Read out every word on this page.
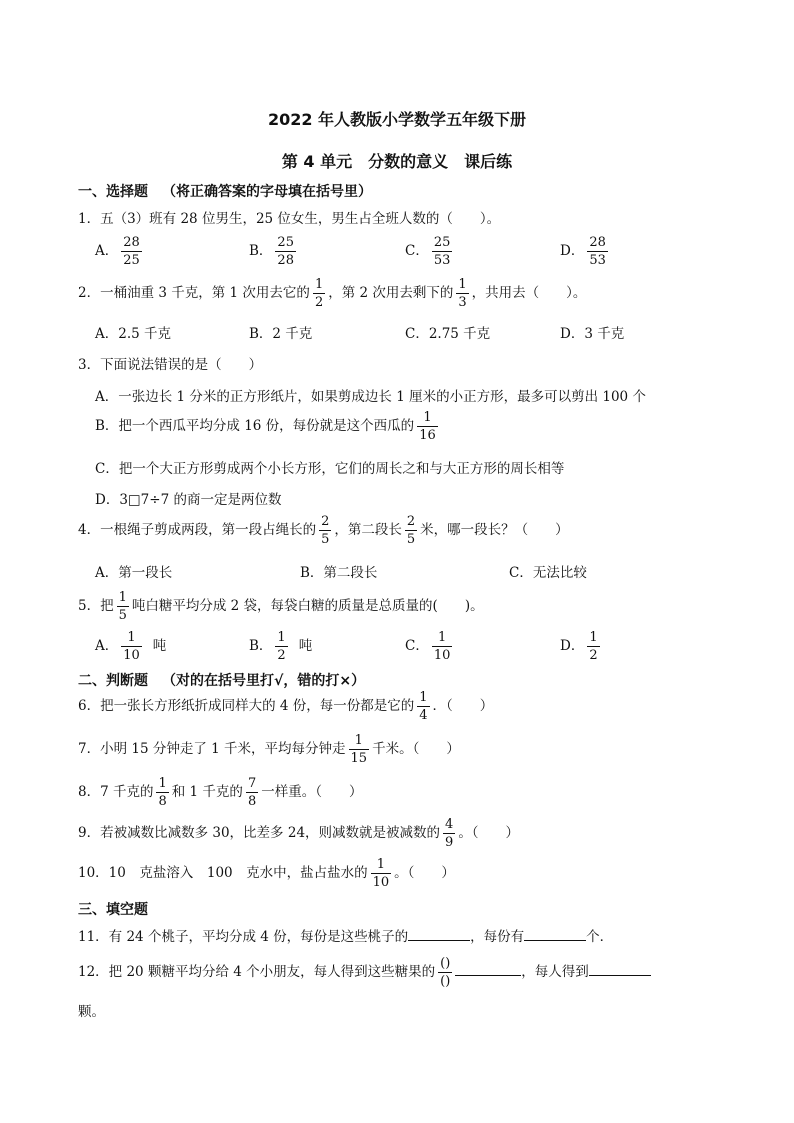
2022 年人教版小学数学五年级下册
第 4 单元　分数的意义　课后练
一、选择题 （将正确答案的字母填在括号里）
1．五（3）班有 28 位男生，25 位女生，男生占全班人数的（　　）。
A． $\frac{28}{25}$	B． $\frac{25}{28}$	C． $\frac{25}{53}$	D． $\frac{28}{53}$
2．一桶油重 3 千克，第 1 次用去它的 $\frac{1}{2}$ ，第 2 次用去剩下的 $\frac{1}{3}$ ，共用去（　　）。
A．2.5 千克	B．2 千克	C．2.75 千克	D．3 千克
3．下面说法错误的是（　　）
A．一张边长 1 分米的正方形纸片，如果剪成边长 1 厘米的小正方形，最多可以剪出 100 个
B．把一个西瓜平均分成 16 份，每份就是这个西瓜的 $\frac{1}{16}$
C．把一个大正方形剪成两个小长方形，它们的周长之和与大正方形的周长相等
D．3□7÷7 的商一定是两位数
4．一根绳子剪成两段，第一段占绳长的 $\frac{2}{5}$ ，第二段长 $\frac{2}{5}$ 米，哪一段长？（　　）
A．第一段长	B．第二段长	C．无法比较
5．把 $\frac{1}{5}$ 吨白糖平均分成 2 袋，每袋白糖的质量是总质量的(　　)。
A． $\frac{1}{10}$ 吨	B． $\frac{1}{2}$ 吨	C． $\frac{1}{10}$	D． $\frac{1}{2}$
二、判断题 （对的在括号里打√，错的打×）
6．把一张长方形纸折成同样大的 4 份，每一份都是它的 $\frac{1}{4}$ ．（　　）
7．小明 15 分钟走了 1 千米，平均每分钟走 $\frac{1}{15}$ 千米。（　　）
8．7 千克的 $\frac{1}{8}$ 和 1 千克的 $\frac{7}{8}$ 一样重。（　　）
9．若被减数比减数多 30，比差多 24，则减数就是被减数的 $\frac{4}{9}$ 。（　　）
10．10　克盐溶入　100　克水中，盐占盐水的 $\frac{1}{10}$ 。（　　）
三、填空题
11．有 24 个桃子，平均分成 4 份，每份是这些桃子的	，每份有	个．
12．把 20 颗糖平均分给 4 个小朋友，每人得到这些糖果的 $\frac{()}{()}$	，每人得到
颗。
